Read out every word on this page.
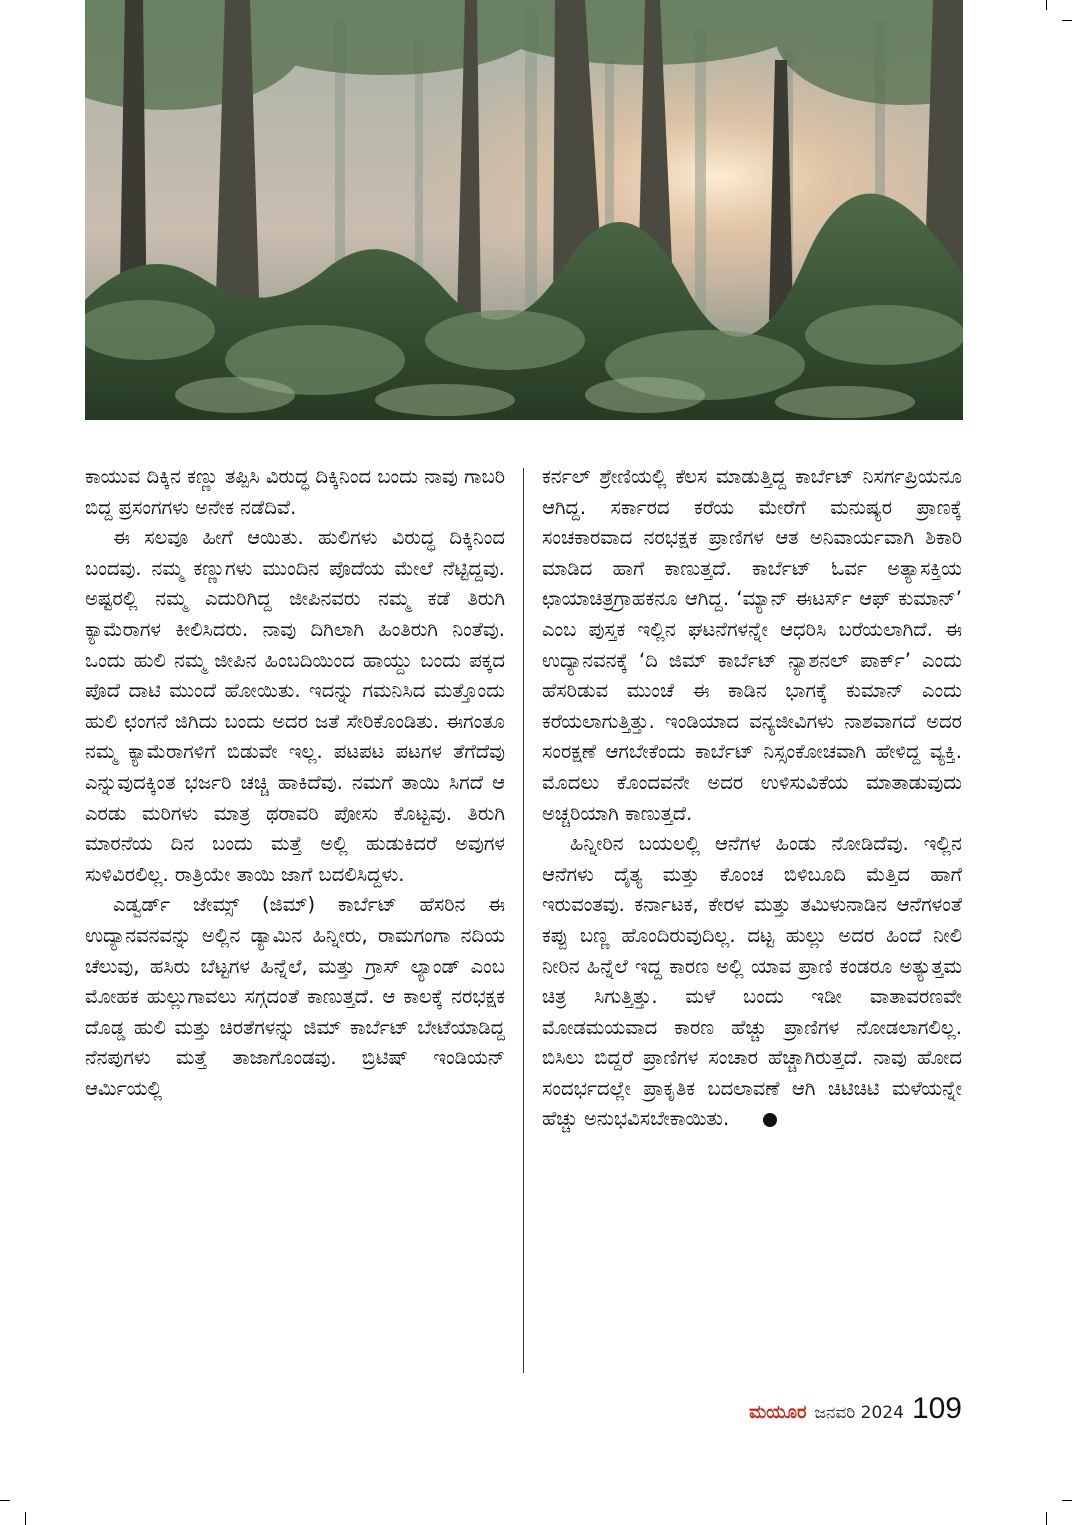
ಕಾಯುವ ದಿಕ್ಕಿನ ಕಣ್ಣು ತಪ್ಪಿಸಿ ವಿರುದ್ಧ ದಿಕ್ಕಿನಿಂದ ಬಂದು ನಾವು ಗಾಬರಿ ಬಿದ್ದ ಪ್ರಸಂಗಗಳು ಅನೇಕ ನಡೆದಿವೆ.

ಈ ಸಲವೂ ಹೀಗೆ ಆಯಿತು. ಹುಲಿಗಳು ವಿರುದ್ಧ ದಿಕ್ಕಿನಿಂದ ಬಂದವು. ನಮ್ಮ ಕಣ್ಣುಗಳು ಮುಂದಿನ ಪೊದೆಯ ಮೇಲೆ ನೆಟ್ಟಿದ್ದವು. ಅಷ್ಟರಲ್ಲಿ ನಮ್ಮ ಎದುರಿಗಿದ್ದ ಜೀಪಿನವರು ನಮ್ಮ ಕಡೆ ತಿರುಗಿ ಕ್ಯಾಮೆರಾಗಳ ಕೀಲಿಸಿದರು. ನಾವು ದಿಗಿಲಾಗಿ ಹಿಂತಿರುಗಿ ನಿಂತೆವು. ಒಂದು ಹುಲಿ ನಮ್ಮ ಜೀಪಿನ ಹಿಂಬದಿಯಿಂದ ಹಾಯ್ದು ಬಂದು ಪಕ್ಕದ ಪೊದೆ ದಾಟಿ ಮುಂದೆ ಹೋಯಿತು. ಇದನ್ನು ಗಮನಿಸಿದ ಮತ್ತೊಂದು ಹುಲಿ ಛಂಗನೆ ಜಿಗಿದು ಬಂದು ಅದರ ಜತೆ ಸೇರಿಕೊಂಡಿತು. ಈಗಂತೂ ನಮ್ಮ ಕ್ಯಾಮೆರಾಗಳಿಗೆ ಬಿಡುವೇ ಇಲ್ಲ. ಪಟಪಟ ಪಟಗಳ ತೆಗೆದೆವು ಎನ್ನುವುದಕ್ಕಿಂತ ಭರ್ಜರಿ ಚಚ್ಚಿ ಹಾಕಿದೆವು. ನಮಗೆ ತಾಯಿ ಸಿಗದೆ ಆ ಎರಡು ಮರಿಗಳು ಮಾತ್ರ ಥರಾವರಿ ಪೋಸು ಕೊಟ್ಟವು. ತಿರುಗಿ ಮಾರನೆಯ ದಿನ ಬಂದು ಮತ್ತೆ ಅಲ್ಲಿ ಹುಡುಕಿದರೆ ಅವುಗಳ ಸುಳಿವಿರಲಿಲ್ಲ. ರಾತ್ರಿಯೇ ತಾಯಿ ಜಾಗೆ ಬದಲಿಸಿದ್ದಳು.

ಎಡ್ವರ್ಡ್ ಜೇಮ್ಸ್ (ಜಿಮ್) ಕಾರ್ಬೆಟ್ ಹೆಸರಿನ ಈ ಉದ್ಯಾನವನವನ್ನು ಅಲ್ಲಿನ ಡ್ಯಾಮಿನ ಹಿನ್ನೀರು, ರಾಮಗಂಗಾ ನದಿಯ ಚೆಲುವು, ಹಸಿರು ಬೆಟ್ಟಗಳ ಹಿನ್ನೆಲೆ, ಮತ್ತು ಗ್ರಾಸ್ ಲ್ಯಾಂಡ್ ಎಂಬ ಮೋಹಕ ಹುಲ್ಲುಗಾವಲು ಸಗ್ಗದಂತೆ ಕಾಣುತ್ತದೆ. ಆ ಕಾಲಕ್ಕೆ ನರಭಕ್ಷಕ ದೊಡ್ಡ ಹುಲಿ ಮತ್ತು ಚಿರತೆಗಳನ್ನು ಜಿಮ್ ಕಾರ್ಬೆಟ್ ಬೇಟೆಯಾಡಿದ್ದ ನೆನಪುಗಳು ಮತ್ತೆ ತಾಜಾಗೊಂಡವು. ಬ್ರಿಟಿಷ್ ಇಂಡಿಯನ್ ಆರ್ಮಿಯಲ್ಲಿ

ಕರ್ನಲ್ ಶ್ರೇಣಿಯಲ್ಲಿ ಕೆಲಸ ಮಾಡುತ್ತಿದ್ದ ಕಾರ್ಬೆಟ್ ನಿಸರ್ಗಪ್ರಿಯನೂ ಆಗಿದ್ದ. ಸರ್ಕಾರದ ಕರೆಯ ಮೇರೆಗೆ ಮನುಷ್ಯರ ಪ್ರಾಣಕ್ಕೆ ಸಂಚಕಾರವಾದ ನರಭಕ್ಷಕ ಪ್ರಾಣಿಗಳ ಆತ ಅನಿವಾರ್ಯವಾಗಿ ಶಿಕಾರಿ ಮಾಡಿದ ಹಾಗೆ ಕಾಣುತ್ತದೆ. ಕಾರ್ಬೆಟ್ ಓರ್ವ ಅತ್ಯಾಸಕ್ತಿಯ ಛಾಯಾಚಿತ್ರಗ್ರಾಹಕನೂ ಆಗಿದ್ದ. ‘ಮ್ಯಾನ್ ಈಟರ್ಸ್ ಆಫ್ ಕುಮಾನ್’ ಎಂಬ ಪುಸ್ತಕ ಇಲ್ಲಿನ ಘಟನೆಗಳನ್ನೇ ಆಧರಿಸಿ ಬರೆಯಲಾಗಿದೆ. ಈ ಉದ್ಯಾನವನಕ್ಕೆ ‘ದಿ ಜಿಮ್ ಕಾರ್ಬೆಟ್ ನ್ಯಾಶನಲ್ ಪಾರ್ಕ್’ ಎಂದು ಹೆಸರಿಡುವ ಮುಂಚೆ ಈ ಕಾಡಿನ ಭಾಗಕ್ಕೆ ಕುಮಾನ್ ಎಂದು ಕರೆಯಲಾಗುತ್ತಿತ್ತು. ಇಂಡಿಯಾದ ವನ್ಯಜೀವಿಗಳು ನಾಶವಾಗದೆ ಅದರ ಸಂರಕ್ಷಣೆ ಆಗಬೇಕೆಂದು ಕಾರ್ಬೆಟ್ ನಿಸ್ಸಂಕೋಚವಾಗಿ ಹೇಳಿದ್ದ ವ್ಯಕ್ತಿ. ಮೊದಲು ಕೊಂದವನೇ ಅದರ ಉಳಿಸುವಿಕೆಯ ಮಾತಾಡುವುದು ಅಚ್ಚರಿಯಾಗಿ ಕಾಣುತ್ತದೆ.

ಹಿನ್ನೀರಿನ ಬಯಲಲ್ಲಿ ಆನೆಗಳ ಹಿಂಡು ನೋಡಿದೆವು. ಇಲ್ಲಿನ ಆನೆಗಳು ದೈತ್ಯ ಮತ್ತು ಕೊಂಚ ಬಿಳಿಬೂದಿ ಮೆತ್ತಿದ ಹಾಗೆ ಇರುವಂತವು. ಕರ್ನಾಟಕ, ಕೇರಳ ಮತ್ತು ತಮಿಳುನಾಡಿನ ಆನೆಗಳಂತೆ ಕಪ್ಪು ಬಣ್ಣ ಹೊಂದಿರುವುದಿಲ್ಲ. ದಟ್ಟ ಹುಲ್ಲು ಅದರ ಹಿಂದೆ ನೀಲಿ ನೀರಿನ ಹಿನ್ನೆಲೆ ಇದ್ದ ಕಾರಣ ಅಲ್ಲಿ ಯಾವ ಪ್ರಾಣಿ ಕಂಡರೂ ಅತ್ಯುತ್ತಮ ಚಿತ್ರ ಸಿಗುತ್ತಿತ್ತು. ಮಳೆ ಬಂದು ಇಡೀ ವಾತಾವರಣವೇ ಮೋಡಮಯವಾದ ಕಾರಣ ಹೆಚ್ಚು ಪ್ರಾಣಿಗಳ ನೋಡಲಾಗಲಿಲ್ಲ. ಬಿಸಿಲು ಬಿದ್ದರೆ ಪ್ರಾಣಿಗಳ ಸಂಚಾರ ಹೆಚ್ಚಾಗಿರುತ್ತದೆ. ನಾವು ಹೋದ ಸಂದರ್ಭದಲ್ಲೇ ಪ್ರಾಕೃತಿಕ ಬದಲಾವಣೆ ಆಗಿ ಚಿಟಿಚಿಟಿ ಮಳೆಯನ್ನೇ ಹೆಚ್ಚು ಅನುಭವಿಸಬೇಕಾಯಿತು.

ಮಯೂರ ಜನವರಿ 2024 109
